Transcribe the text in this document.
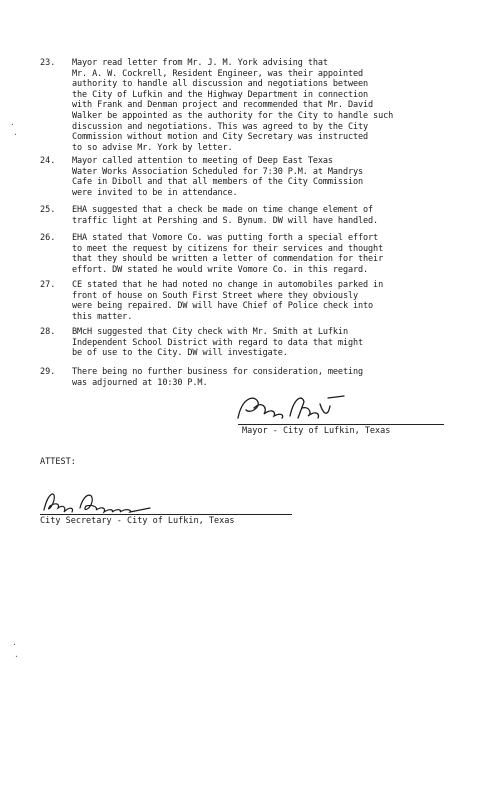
23. Mayor read letter from Mr. J. M. York advising that
Mr. A. W. Cockrell, Resident Engineer, was their appointed
authority to handle all discussion and negotiations between
the City of Lufkin and the Highway Department in connection
with Frank and Denman project and recommended that Mr. David
Walker be appointed as the authority for the City to handle such
discussion and negotiations. This was agreed to by the City
Commission without motion and City Secretary was instructed
to so advise Mr. York by letter.
24. Mayor called attention to meeting of Deep East Texas
Water Works Association Scheduled for 7:30 P.M. at Mandrys
Cafe in Diboll and that all members of the City Commission
were invited to be in attendance.
25. EHA suggested that a check be made on time change element of
traffic light at Pershing and S. Bynum. DW will have handled.
26. EHA stated that Vomore Co. was putting forth a special effort
to meet the request by citizens for their services and thought
that they should be written a letter of commendation for their
effort. DW stated he would write Vomore Co. in this regard.
27. CE stated that he had noted no change in automobiles parked in
front of house on South First Street where they obviously
were being repaired. DW will have Chief of Police check into
this matter.
28. BMcH suggested that City check with Mr. Smith at Lufkin
Independent School District with regard to data that might
be of use to the City. DW will investigate.
29. There being no further business for consideration, meeting
was adjourned at 10:30 P.M.
Mayor - City of Lufkin, Texas
ATTEST:
City Secretary - City of Lufkin, Texas
·
·
·
·
